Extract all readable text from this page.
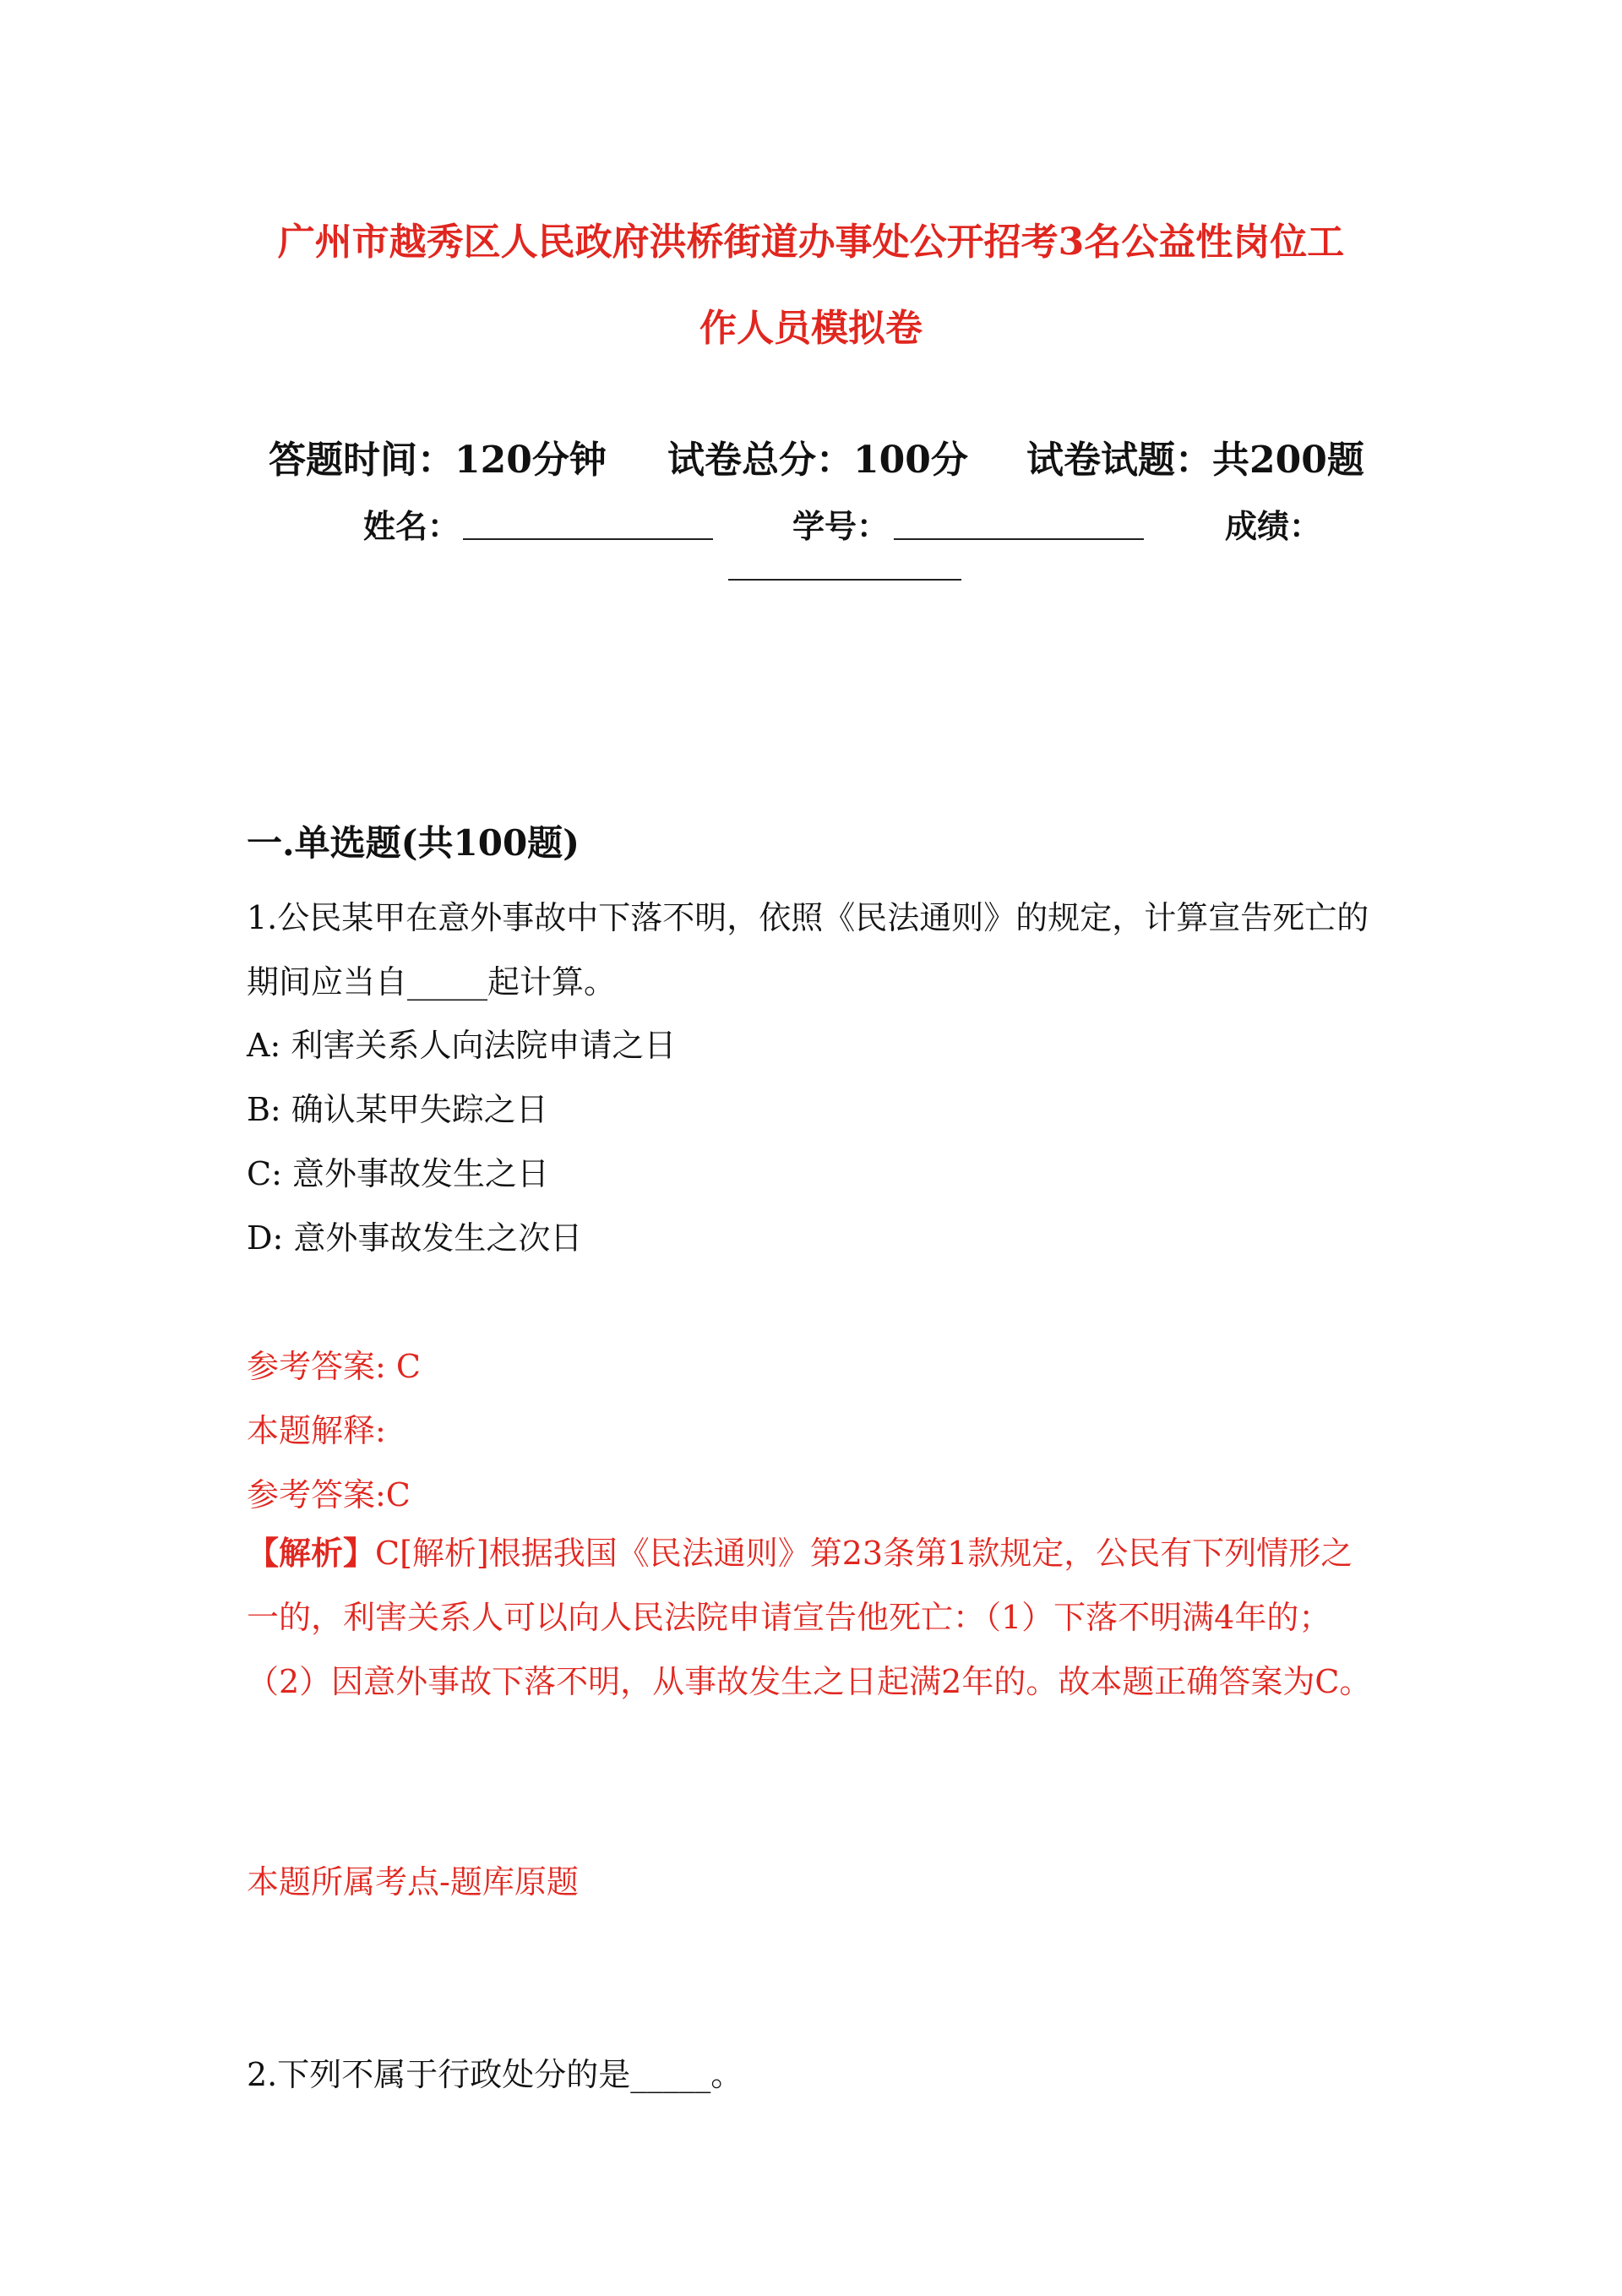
广州市越秀区人民政府洪桥街道办事处公开招考3名公益性岗位工
作人员模拟卷
答题时间：120分钟 试卷总分：100分 试卷试题：共200题
姓名：	学号：	成绩：
一.单选题(共100题)
1.公民某甲在意外事故中下落不明，依照《民法通则》的规定，计算宣告死亡的期间应当自_____起计算。
A: 利害关系人向法院申请之日
B: 确认某甲失踪之日
C: 意外事故发生之日
D: 意外事故发生之次日
参考答案: C
本题解释:
参考答案:C
【解析】C[解析]根据我国《民法通则》第23条第1款规定，公民有下列情形之一的，利害关系人可以向人民法院申请宣告他死亡：（1）下落不明满4年的；（2）因意外事故下落不明，从事故发生之日起满2年的。故本题正确答案为C。
本题所属考点-题库原题
2.下列不属于行政处分的是_____。
